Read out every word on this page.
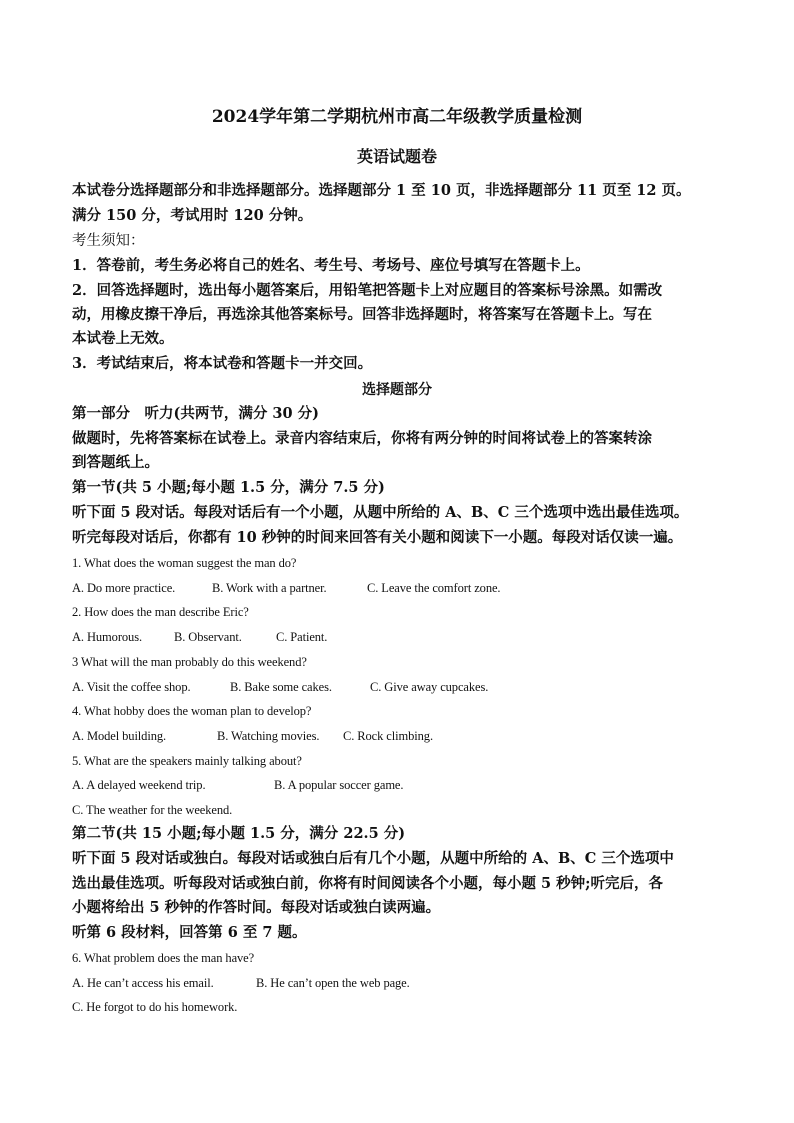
2024学年第二学期杭州市高二年级教学质量检测
英语试题卷
本试卷分选择题部分和非选择题部分。选择题部分 1 至 10 页，非选择题部分 11 页至 12 页。
满分 150 分，考试用时 120 分钟。
考生须知：
1．答卷前，考生务必将自己的姓名、考生号、考场号、座位号填写在答题卡上。
2．回答选择题时，选出每小题答案后，用铅笔把答题卡上对应题目的答案标号涂黑。如需改
动，用橡皮擦干净后，再选涂其他答案标号。回答非选择题时，将答案写在答题卡上。写在
本试卷上无效。
3．考试结束后，将本试卷和答题卡一并交回。
选择题部分
第一部分　听力(共两节，满分 30 分)
做题时，先将答案标在试卷上。录音内容结束后，你将有两分钟的时间将试卷上的答案转涂
到答题纸上。
第一节(共 5 小题;每小题 1.5 分，满分 7.5 分)
听下面 5 段对话。每段对话后有一个小题，从题中所给的 A、B、C 三个选项中选出最佳选项。
听完每段对话后，你都有 10 秒钟的时间来回答有关小题和阅读下一小题。每段对话仅读一遍。
1. What does the woman suggest the man do?
A. Do more practice.	B. Work with a partner.	C. Leave the comfort zone.
2. How does the man describe Eric?
A. Humorous.	B. Observant.	C. Patient.
3 What will the man probably do this weekend?
A. Visit the coffee shop.	B. Bake some cakes.	C. Give away cupcakes.
4. What hobby does the woman plan to develop?
A. Model building.	B. Watching movies. C. Rock climbing.
5. What are the speakers mainly talking about?
A. A delayed weekend trip.	B. A popular soccer game.
C. The weather for the weekend.
第二节(共 15 小题;每小题 1.5 分，满分 22.5 分)
听下面 5 段对话或独白。每段对话或独白后有几个小题，从题中所给的 A、B、C 三个选项中
选出最佳选项。听每段对话或独白前，你将有时间阅读各个小题，每小题 5 秒钟;听完后，各
小题将给出 5 秒钟的作答时间。每段对话或独白读两遍。
听第 6 段材料，回答第 6 至 7 题。
6. What problem does the man have?
A. He can’t access his email.	B. He can’t open the web page.
C. He forgot to do his homework.
